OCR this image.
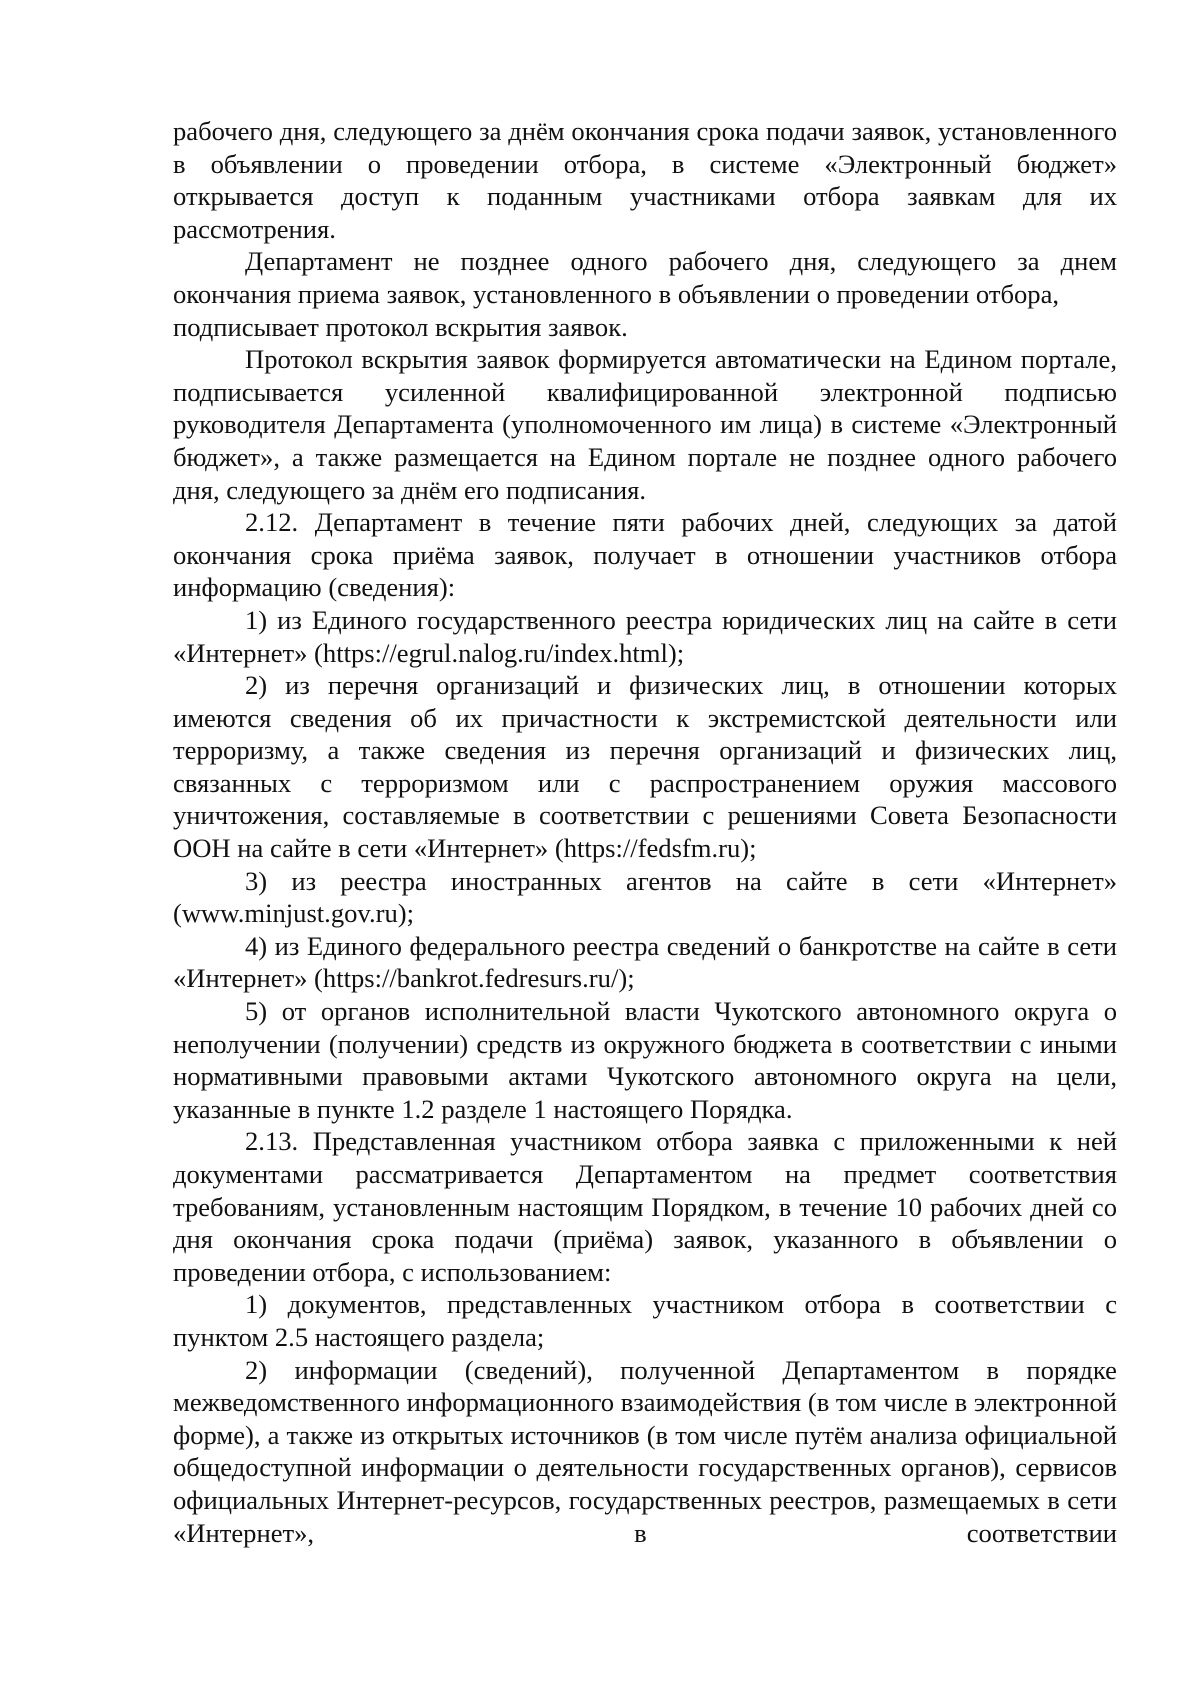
рабочего дня, следующего за днём окончания срока подачи заявок, установленного в объявлении о проведении отбора, в системе «Электронный бюджет» открывается доступ к поданным участниками отбора заявкам для их рассмотрения.

Департамент не позднее одного рабочего дня, следующего за днем окончания приема заявок, установленного в объявлении о проведении отбора,

подписывает протокол вскрытия заявок.

Протокол вскрытия заявок формируется автоматически на Едином портале, подписывается усиленной квалифицированной электронной подписью руководителя Департамента (уполномоченного им лица) в системе «Электронный бюджет», а также размещается на Едином портале не позднее одного рабочего дня, следующего за днём его подписания.

2.12. Департамент в течение пяти рабочих дней, следующих за датой окончания срока приёма заявок, получает в отношении участников отбора информацию (сведения):

1) из Единого государственного реестра юридических лиц на сайте в сети «Интернет» (https://egrul.nalog.ru/index.html);

2) из перечня организаций и физических лиц, в отношении которых имеются сведения об их причастности к экстремистской деятельности или терроризму, а также сведения из перечня организаций и физических лиц, связанных с терроризмом или с распространением оружия массового уничтожения, составляемые в соответствии с решениями Совета Безопасности ООН на сайте в сети «Интернет» (https://fedsfm.ru);

3) из реестра иностранных агентов на сайте в сети «Интернет» (www.minjust.gov.ru);

4) из Единого федерального реестра сведений о банкротстве на сайте в сети «Интернет» (https://bankrot.fedresurs.ru/);

5) от органов исполнительной власти Чукотского автономного округа о неполучении (получении) средств из окружного бюджета в соответствии с иными нормативными правовыми актами Чукотского автономного округа на цели, указанные в пункте 1.2 разделе 1 настоящего Порядка.

2.13. Представленная участником отбора заявка с приложенными к ней документами рассматривается Департаментом на предмет соответствия требованиям, установленным настоящим Порядком, в течение 10 рабочих дней со дня окончания срока подачи (приёма) заявок, указанного в объявлении о проведении отбора, с использованием:

1) документов, представленных участником отбора в соответствии с пунктом 2.5 настоящего раздела;

2) информации (сведений), полученной Департаментом в порядке межведомственного информационного взаимодействия (в том числе в электронной форме), а также из открытых источников (в том числе путём анализа официальной общедоступной информации о деятельности государственных органов), сервисов официальных Интернет-ресурсов, государственных реестров, размещаемых в сети «Интернет», в соответствии
